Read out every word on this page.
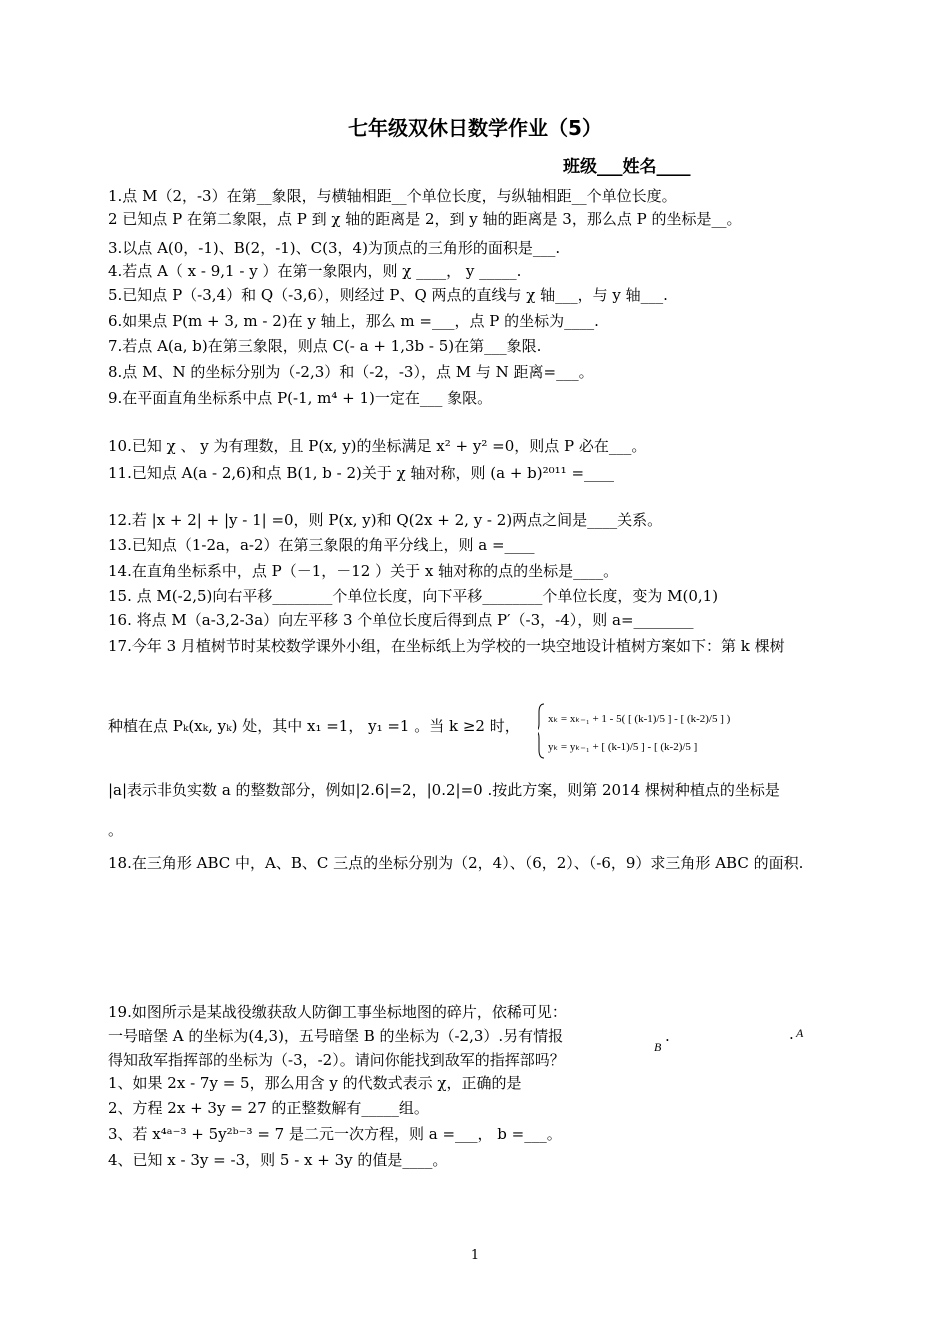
七年级双休日数学作业（5）
班级___姓名____
1.点 M（2，-3）在第__象限，与横轴相距__个单位长度，与纵轴相距__个单位长度。
2 已知点 P 在第二象限，点 P 到 χ 轴的距离是 2，到 y 轴的距离是 3，那么点 P 的坐标是__。
3.以点 A(0，-1)、B(2，-1)、C(3，4)为顶点的三角形的面积是___.
4.若点 A（ x - 9,1 - y ）在第一象限内，则 χ ____， y _____.
5.已知点 P（-3,4）和 Q（-3,6），则经过 P、Q 两点的直线与 χ 轴___，与 y 轴___.
6.如果点 P(m + 3, m - 2)在 y 轴上，那么 m =___，点 P 的坐标为____.
7.若点 A(a, b)在第三象限，则点 C(- a + 1,3b - 5)在第___象限.
8.点 M、N 的坐标分别为（-2,3）和（-2，-3），点 M 与 N 距离=___。
9.在平面直角坐标系中点 P(-1, m⁴ + 1)一定在___ 象限。
10.已知 χ 、 y 为有理数，且 P(x, y)的坐标满足 x² + y² =0，则点 P 必在___。
11.已知点 A(a - 2,6)和点 B(1, b - 2)关于 χ 轴对称，则 (a + b)²⁰¹¹ =____
12.若 |x + 2| + |y - 1| =0，则 P(x, y)和 Q(2x + 2, y - 2)两点之间是____关系。
13.已知点（1-2a，a-2）在第三象限的角平分线上，则 a =____
14.在直角坐标系中，点 P（－1，－12 ）关于 x 轴对称的点的坐标是____。
15. 点 M(-2,5)向右平移________个单位长度，向下平移________个单位长度，变为 M(0,1)
16. 将点 M（a-3,2-3a）向左平移 3 个单位长度后得到点 P′（-3，-4），则 a=________
17.今年 3 月植树节时某校数学课外小组，在坐标纸上为学校的一块空地设计植树方案如下：第 k 棵树
种植在点 Pₖ(xₖ, yₖ) 处，其中 x₁ =1， y₁ =1 。当 k ≥2 时，	xₖ = xₖ₋₁ + 1 - 5( [ (k-1)/5 ] - [ (k-2)/5 ] )
yₖ = yₖ₋₁ + [ (k-1)/5 ] - [ (k-2)/5 ]
|a|表示非负实数 a 的整数部分，例如|2.6|=2，|0.2|=0 .按此方案，则第 2014 棵树种植点的坐标是
。
18.在三角形 ABC 中，A、B、C 三点的坐标分别为（2，4）、（6，2）、（-6，9）求三角形 ABC 的面积.
19.如图所示是某战役缴获敌人防御工事坐标地图的碎片，依稀可见：
一号暗堡 A 的坐标为(4,3)，五号暗堡 B 的坐标为（-2,3）.另有情报
得知敌军指挥部的坐标为（-3，-2）。请问你能找到敌军的指挥部吗？
B •	• A
1、如果 2x - 7y = 5，那么用含 y 的代数式表示 χ，正确的是
2、方程 2x + 3y = 27 的正整数解有_____组。
3、若 x⁴ᵃ⁻³ + 5y²ᵇ⁻³ = 7 是二元一次方程，则 a =___， b =___。
4、已知 x - 3y = -3，则 5 - x + 3y 的值是____。
1
